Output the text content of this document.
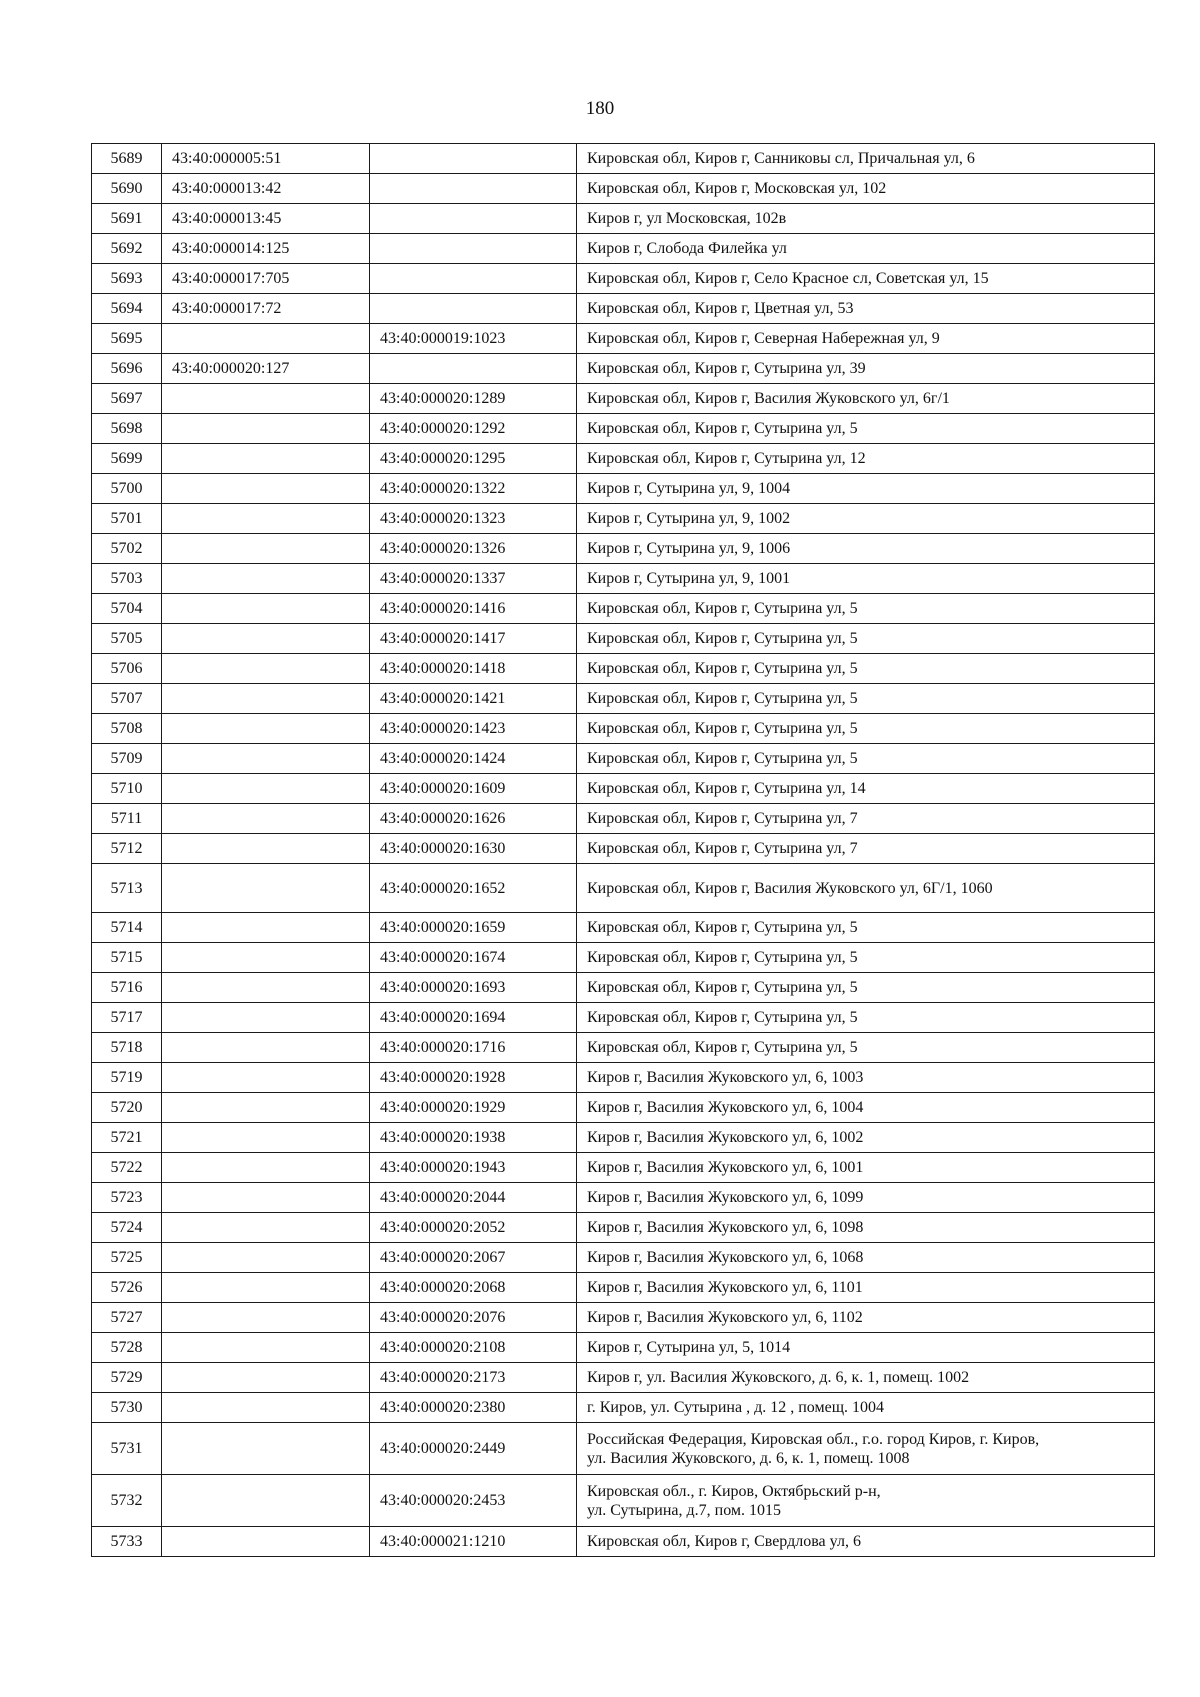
180
5689	43:40:000005:51		Кировская обл, Киров г, Санниковы сл, Причальная ул, 6

5690	43:40:000013:42		Кировская обл, Киров г, Московская ул, 102

5691	43:40:000013:45		Киров г, ул Московская, 102в

5692	43:40:000014:125		Киров г, Слобода Филейка ул

5693	43:40:000017:705		Кировская обл, Киров г, Село Красное сл, Советская ул, 15

5694	43:40:000017:72		Кировская обл, Киров г, Цветная ул, 53

5695		43:40:000019:1023	Кировская обл, Киров г, Северная Набережная ул, 9

5696	43:40:000020:127		Кировская обл, Киров г, Сутырина ул, 39

5697		43:40:000020:1289	Кировская обл, Киров г, Василия Жуковского ул, 6г/1

5698		43:40:000020:1292	Кировская обл, Киров г, Сутырина ул, 5

5699		43:40:000020:1295	Кировская обл, Киров г, Сутырина ул, 12

5700		43:40:000020:1322	Киров г, Сутырина ул, 9, 1004

5701		43:40:000020:1323	Киров г, Сутырина ул, 9, 1002

5702		43:40:000020:1326	Киров г, Сутырина ул, 9, 1006

5703		43:40:000020:1337	Киров г, Сутырина ул, 9, 1001

5704		43:40:000020:1416	Кировская обл, Киров г, Сутырина ул, 5

5705		43:40:000020:1417	Кировская обл, Киров г, Сутырина ул, 5

5706		43:40:000020:1418	Кировская обл, Киров г, Сутырина ул, 5

5707		43:40:000020:1421	Кировская обл, Киров г, Сутырина ул, 5

5708		43:40:000020:1423	Кировская обл, Киров г, Сутырина ул, 5

5709		43:40:000020:1424	Кировская обл, Киров г, Сутырина ул, 5

5710		43:40:000020:1609	Кировская обл, Киров г, Сутырина ул, 14

5711		43:40:000020:1626	Кировская обл, Киров г, Сутырина ул, 7

5712		43:40:000020:1630	Кировская обл, Киров г, Сутырина ул, 7

5713		43:40:000020:1652	Кировская обл, Киров г, Василия Жуковского ул, 6Г/1, 1060

5714		43:40:000020:1659	Кировская обл, Киров г, Сутырина ул, 5

5715		43:40:000020:1674	Кировская обл, Киров г, Сутырина ул, 5

5716		43:40:000020:1693	Кировская обл, Киров г, Сутырина ул, 5

5717		43:40:000020:1694	Кировская обл, Киров г, Сутырина ул, 5

5718		43:40:000020:1716	Кировская обл, Киров г, Сутырина ул, 5

5719		43:40:000020:1928	Киров г, Василия Жуковского ул, 6, 1003

5720		43:40:000020:1929	Киров г, Василия Жуковского ул, 6, 1004

5721		43:40:000020:1938	Киров г, Василия Жуковского ул, 6, 1002

5722		43:40:000020:1943	Киров г, Василия Жуковского ул, 6, 1001

5723		43:40:000020:2044	Киров г, Василия Жуковского ул, 6, 1099

5724		43:40:000020:2052	Киров г, Василия Жуковского ул, 6, 1098

5725		43:40:000020:2067	Киров г, Василия Жуковского ул, 6, 1068

5726		43:40:000020:2068	Киров г, Василия Жуковского ул, 6, 1101

5727		43:40:000020:2076	Киров г, Василия Жуковского ул, 6, 1102

5728		43:40:000020:2108	Киров г, Сутырина ул, 5, 1014

5729		43:40:000020:2173	Киров г, ул. Василия Жуковского, д. 6, к. 1, помещ. 1002

5730		43:40:000020:2380	г. Киров, ул. Сутырина , д. 12 , помещ. 1004

5731		43:40:000020:2449	Российская Федерация, Кировская обл., г.о. город Киров, г. Киров,
ул. Василия Жуковского, д. 6, к. 1, помещ. 1008

5732		43:40:000020:2453	Кировская обл., г. Киров, Октябрьский р-н,
ул. Сутырина, д.7, пом. 1015

5733		43:40:000021:1210	Кировская обл, Киров г, Свердлова ул, 6
